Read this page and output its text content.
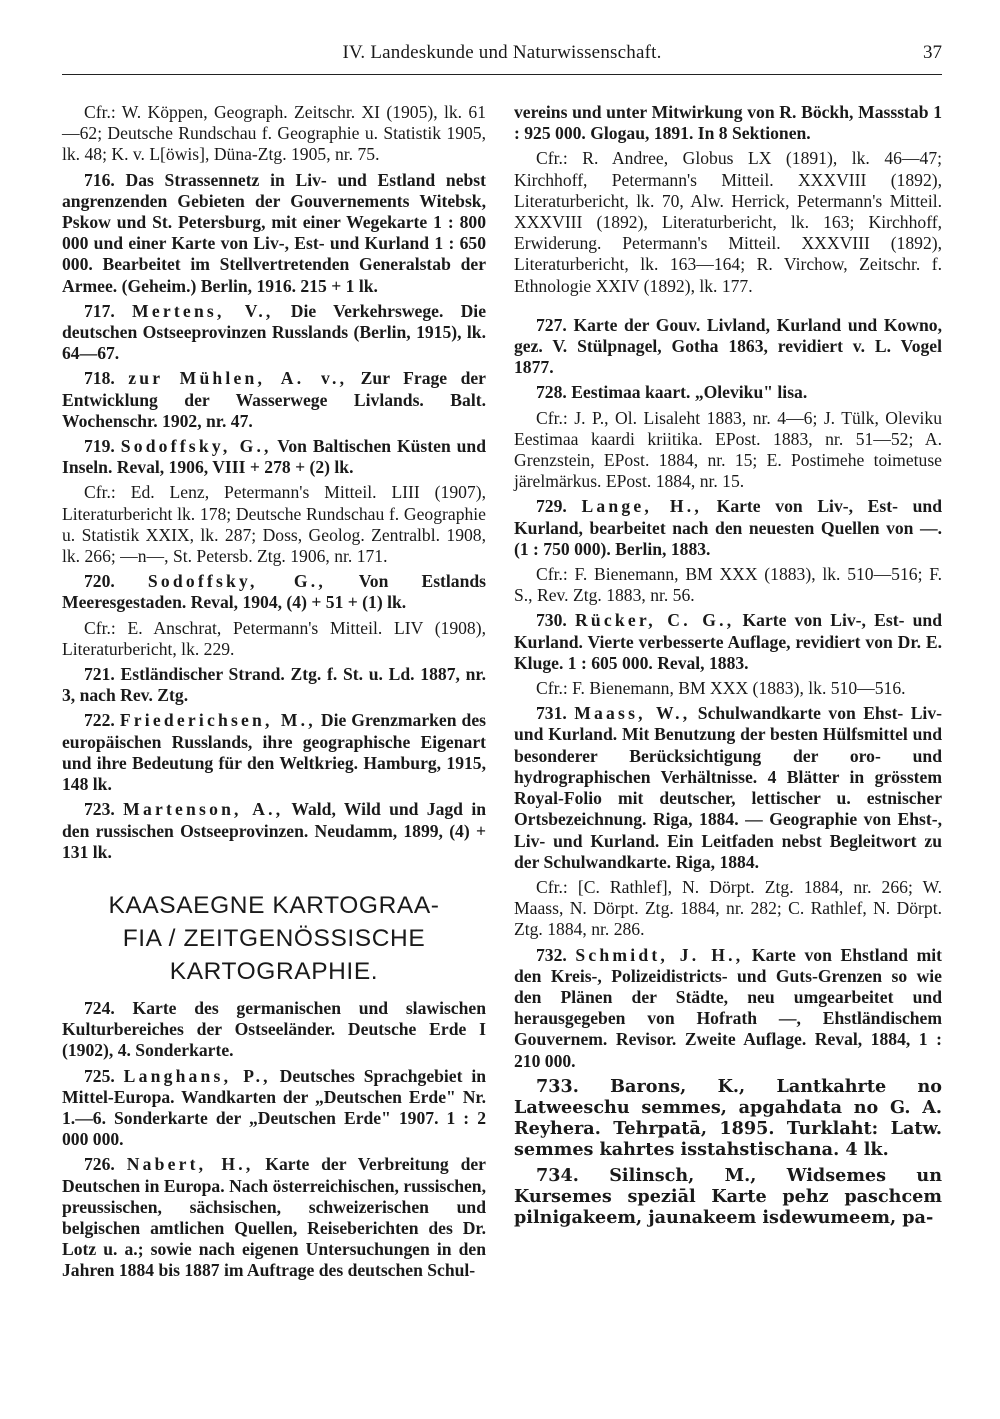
IV. Landeskunde und Naturwissenschaft.	37

Cfr.: W. Köppen, Geograph. Zeitschr. XI (1905), lk. 61—62; Deutsche Rundschau f. Geographie u. Statistik 1905, lk. 48; K. v. L[öwis], Düna-Ztg. 1905, nr. 75.

716. Das Strassennetz in Liv- und Estland nebst angrenzenden Gebieten der Gouvernements Witebsk, Pskow und St. Petersburg, mit einer Wegekarte 1 : 800 000 und einer Karte von Liv-, Est- und Kurland 1 : 650 000. Bearbeitet im Stellvertretenden Generalstab der Armee. (Geheim.) Berlin, 1916. 215 + 1 lk.

717. Mertens, V., Die Verkehrswege. Die deutschen Ostseeprovinzen Russlands (Berlin, 1915), lk. 64—67.

718. zur Mühlen, A. v., Zur Frage der Entwicklung der Wasserwege Livlands. Balt. Wochenschr. 1902, nr. 47.

719. Sodoffsky, G., Von Baltischen Küsten und Inseln. Reval, 1906, VIII + 278 + (2) lk.

Cfr.: Ed. Lenz, Petermann's Mitteil. LIII (1907), Literaturbericht lk. 178; Deutsche Rundschau f. Geographie u. Statistik XXIX, lk. 287; Doss, Geolog. Zentralbl. 1908, lk. 266; —n—, St. Petersb. Ztg. 1906, nr. 171.

720. Sodoffsky, G., Von Estlands Meeresgestaden. Reval, 1904, (4) + 51 + (1) lk.

Cfr.: E. Anschrat, Petermann's Mitteil. LIV (1908), Literaturbericht, lk. 229.

721. Estländischer Strand. Ztg. f. St. u. Ld. 1887, nr. 3, nach Rev. Ztg.

722. Friederichsen, M., Die Grenzmarken des europäischen Russlands, ihre geographische Eigenart und ihre Bedeutung für den Weltkrieg. Hamburg, 1915, 148 lk.

723. Martenson, A., Wald, Wild und Jagd in den russischen Ostseeprovinzen. Neudamm, 1899, (4) + 131 lk.

KAASAEGNE KARTOGRAA-
FIA / ZEITGENÖSSISCHE
KARTOGRAPHIE.

724. Karte des germanischen und slawischen Kulturbereiches der Ostseeländer. Deutsche Erde I (1902), 4. Sonderkarte.

725. Langhans, P., Deutsches Sprachgebiet in Mittel-Europa. Wandkarten der „Deutschen Erde" Nr. 1.—6. Sonderkarte der „Deutschen Erde" 1907. 1 : 2 000 000.

726. Nabert, H., Karte der Verbreitung der Deutschen in Europa. Nach österreichischen, russischen, preussischen, sächsischen, schweizerischen und belgischen amtlichen Quellen, Reiseberichten des Dr. Lotz u. a.; sowie nach eigenen Untersuchungen in den Jahren 1884 bis 1887 im Auftrage des deutschen Schul-

vereins und unter Mitwirkung von R. Böckh, Massstab 1 : 925 000. Glogau, 1891. In 8 Sektionen.

Cfr.: R. Andree, Globus LX (1891), lk. 46—47; Kirchhoff, Petermann's Mitteil. XXXVIII (1892), Literaturbericht, lk. 70, Alw. Herrick, Petermann's Mitteil. XXXVIII (1892), Literaturbericht, lk. 163; Kirchhoff, Erwiderung. Petermann's Mitteil. XXXVIII (1892), Literaturbericht, lk. 163—164; R. Virchow, Zeitschr. f. Ethnologie XXIV (1892), lk. 177.

727. Karte der Gouv. Livland, Kurland und Kowno, gez. V. Stülpnagel, Gotha 1863, revidiert v. L. Vogel 1877.

728. Eestimaa kaart. „Oleviku" lisa.

Cfr.: J. P., Ol. Lisaleht 1883, nr. 4—6; J. Tülk, Oleviku Eestimaa kaardi kriitika. EPost. 1883, nr. 51—52; A. Grenzstein, EPost. 1884, nr. 15; E. Postimehe toimetuse järelmärkus. EPost. 1884, nr. 15.

729. Lange, H., Karte von Liv-, Est- und Kurland, bearbeitet nach den neuesten Quellen von —. (1 : 750 000). Berlin, 1883.

Cfr.: F. Bienemann, BM XXX (1883), lk. 510—516; F. S., Rev. Ztg. 1883, nr. 56.

730. Rücker, C. G., Karte von Liv-, Est- und Kurland. Vierte verbesserte Auflage, revidiert von Dr. E. Kluge. 1 : 605 000. Reval, 1883.

Cfr.: F. Bienemann, BM XXX (1883), lk. 510—516.

731. Maass, W., Schulwandkarte von Ehst- Liv- und Kurland. Mit Benutzung der besten Hülfsmittel und besonderer Berücksichtigung der oro- und hydrographischen Verhältnisse. 4 Blätter in grösstem Royal-Folio mit deutscher, lettischer u. estnischer Ortsbezeichnung. Riga, 1884. — Geographie von Ehst-, Liv- und Kurland. Ein Leitfaden nebst Begleitwort zu der Schulwandkarte. Riga, 1884.

Cfr.: [C. Rathlef], N. Dörpt. Ztg. 1884, nr. 266; W. Maass, N. Dörpt. Ztg. 1884, nr. 282; C. Rathlef, N. Dörpt. Ztg. 1884, nr. 286.

732. Schmidt, J. H., Karte von Ehstland mit den Kreis-, Polizeidistricts- und Guts-Grenzen so wie den Plänen der Städte, neu umgearbeitet und herausgegeben von Hofrath —, Ehstländischem Gouvernem. Revisor. Zweite Auflage. Reval, 1884, 1 : 210 000.

733. Barons, K., Lantkahrte no Latweeschu semmes, apgahdata no G. A. Reyhera. Tehrpatā, 1895. Turklaht: Latw. semmes kahrtes isstahstischana. 4 lk.

734. Silinsch, M., Widsemes un Kursemes speziāl Karte pehz paschcem pilnigakeem, jaunakeem isdewumeem, pa-
